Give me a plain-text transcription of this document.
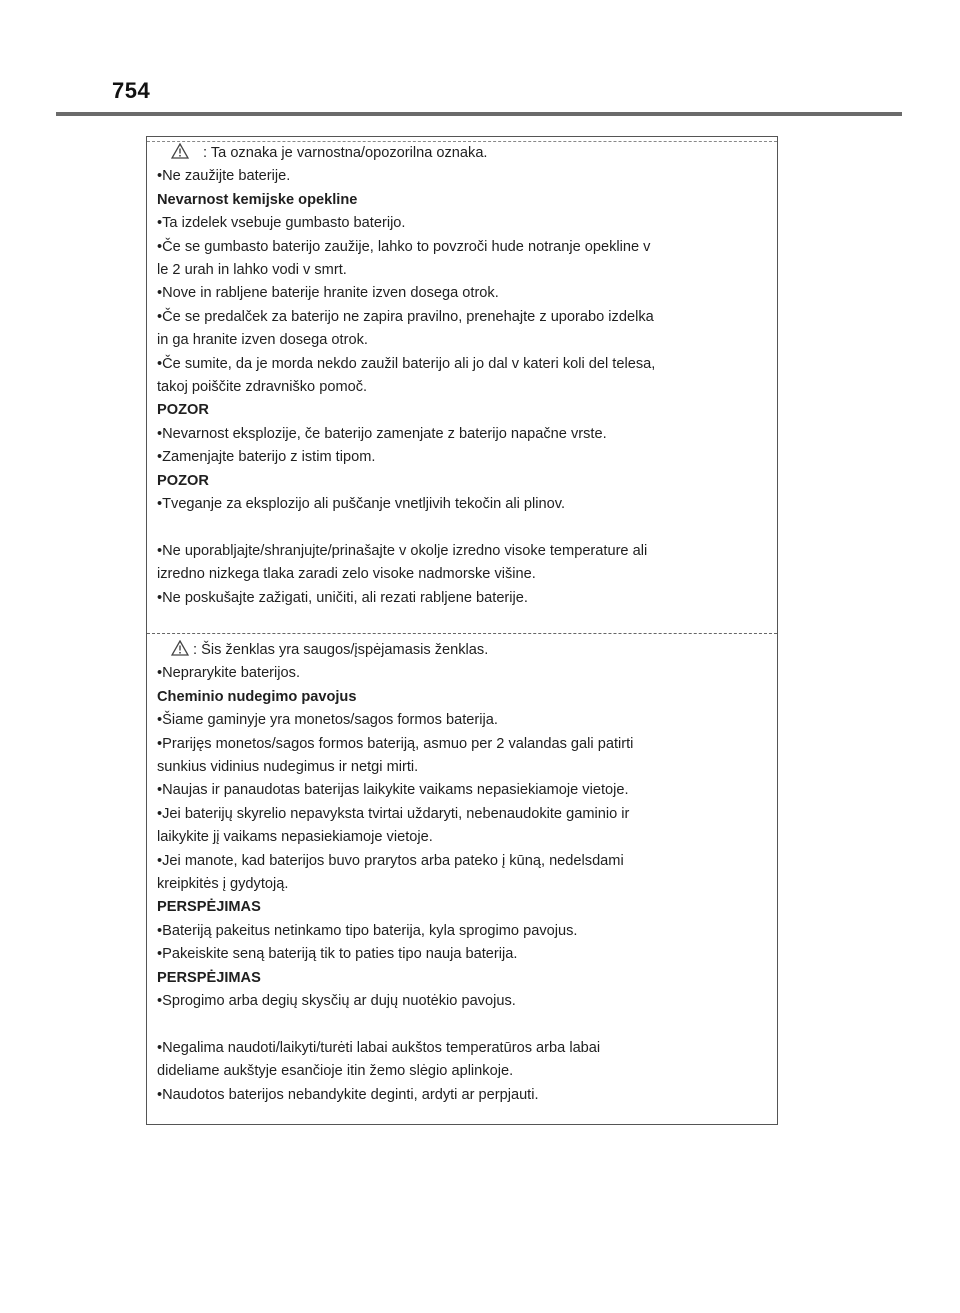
754
: Ta oznaka je varnostna/opozorilna oznaka.
•Ne zaužijte baterije.
Nevarnost kemijske opekline
•Ta izdelek vsebuje gumbasto baterijo.
•Če se gumbasto baterijo zaužije, lahko to povzroči hude notranje opekline v
le 2 urah in lahko vodi v smrt.
•Nove in rabljene baterije hranite izven dosega otrok.
•Če se predalček za baterijo ne zapira pravilno, prenehajte z uporabo izdelka
in ga hranite izven dosega otrok.
•Če sumite, da je morda nekdo zaužil baterijo ali jo dal v kateri koli del telesa,
takoj poiščite zdravniško pomoč.
POZOR
•Nevarnost eksplozije, če baterijo zamenjate z baterijo napačne vrste.
•Zamenjajte baterijo z istim tipom.
POZOR
•Tveganje za eksplozijo ali puščanje vnetljivih tekočin ali plinov.
•Ne uporabljajte/shranjujte/prinašajte v okolje izredno visoke temperature ali
izredno nizkega tlaka zaradi zelo visoke nadmorske višine.
•Ne poskušajte zažigati, uničiti, ali rezati rabljene baterije.
: Šis ženklas yra saugos/įspėjamasis ženklas.
•Neprarykite baterijos.
Cheminio nudegimo pavojus
•Šiame gaminyje yra monetos/sagos formos baterija.
•Prarijęs monetos/sagos formos bateriją, asmuo per 2 valandas gali patirti
sunkius vidinius nudegimus ir netgi mirti.
•Naujas ir panaudotas baterijas laikykite vaikams nepasiekiamoje vietoje.
•Jei baterijų skyrelio nepavyksta tvirtai uždaryti, nebenaudokite gaminio ir
laikykite jį vaikams nepasiekiamoje vietoje.
•Jei manote, kad baterijos buvo prarytos arba pateko į kūną, nedelsdami
kreipkitės į gydytoją.
PERSPĖJIMAS
•Bateriją pakeitus netinkamo tipo baterija, kyla sprogimo pavojus.
•Pakeiskite seną bateriją tik to paties tipo nauja baterija.
PERSPĖJIMAS
•Sprogimo arba degių skysčių ar dujų nuotėkio pavojus.
•Negalima naudoti/laikyti/turėti labai aukštos temperatūros arba labai
dideliame aukštyje esančioje itin žemo slėgio aplinkoje.
•Naudotos baterijos nebandykite deginti, ardyti ar perpjauti.
